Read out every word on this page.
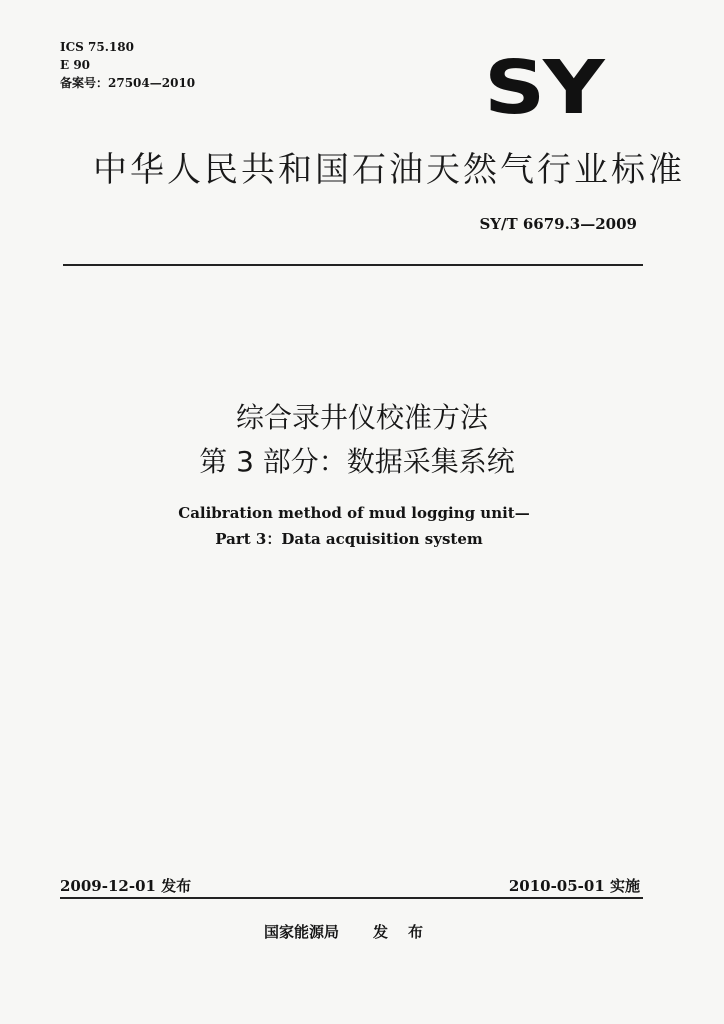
ICS 75.180
E 90
备案号：27504—2010	SY
中华人民共和国石油天然气行业标准
SY/T 6679.3—2009
综合录井仪校准方法
第 3 部分：数据采集系统
Calibration method of mud logging unit—
Part 3：Data acquisition system
2009-12-01 发布	2010-05-01 实施
国家能源局 发布
